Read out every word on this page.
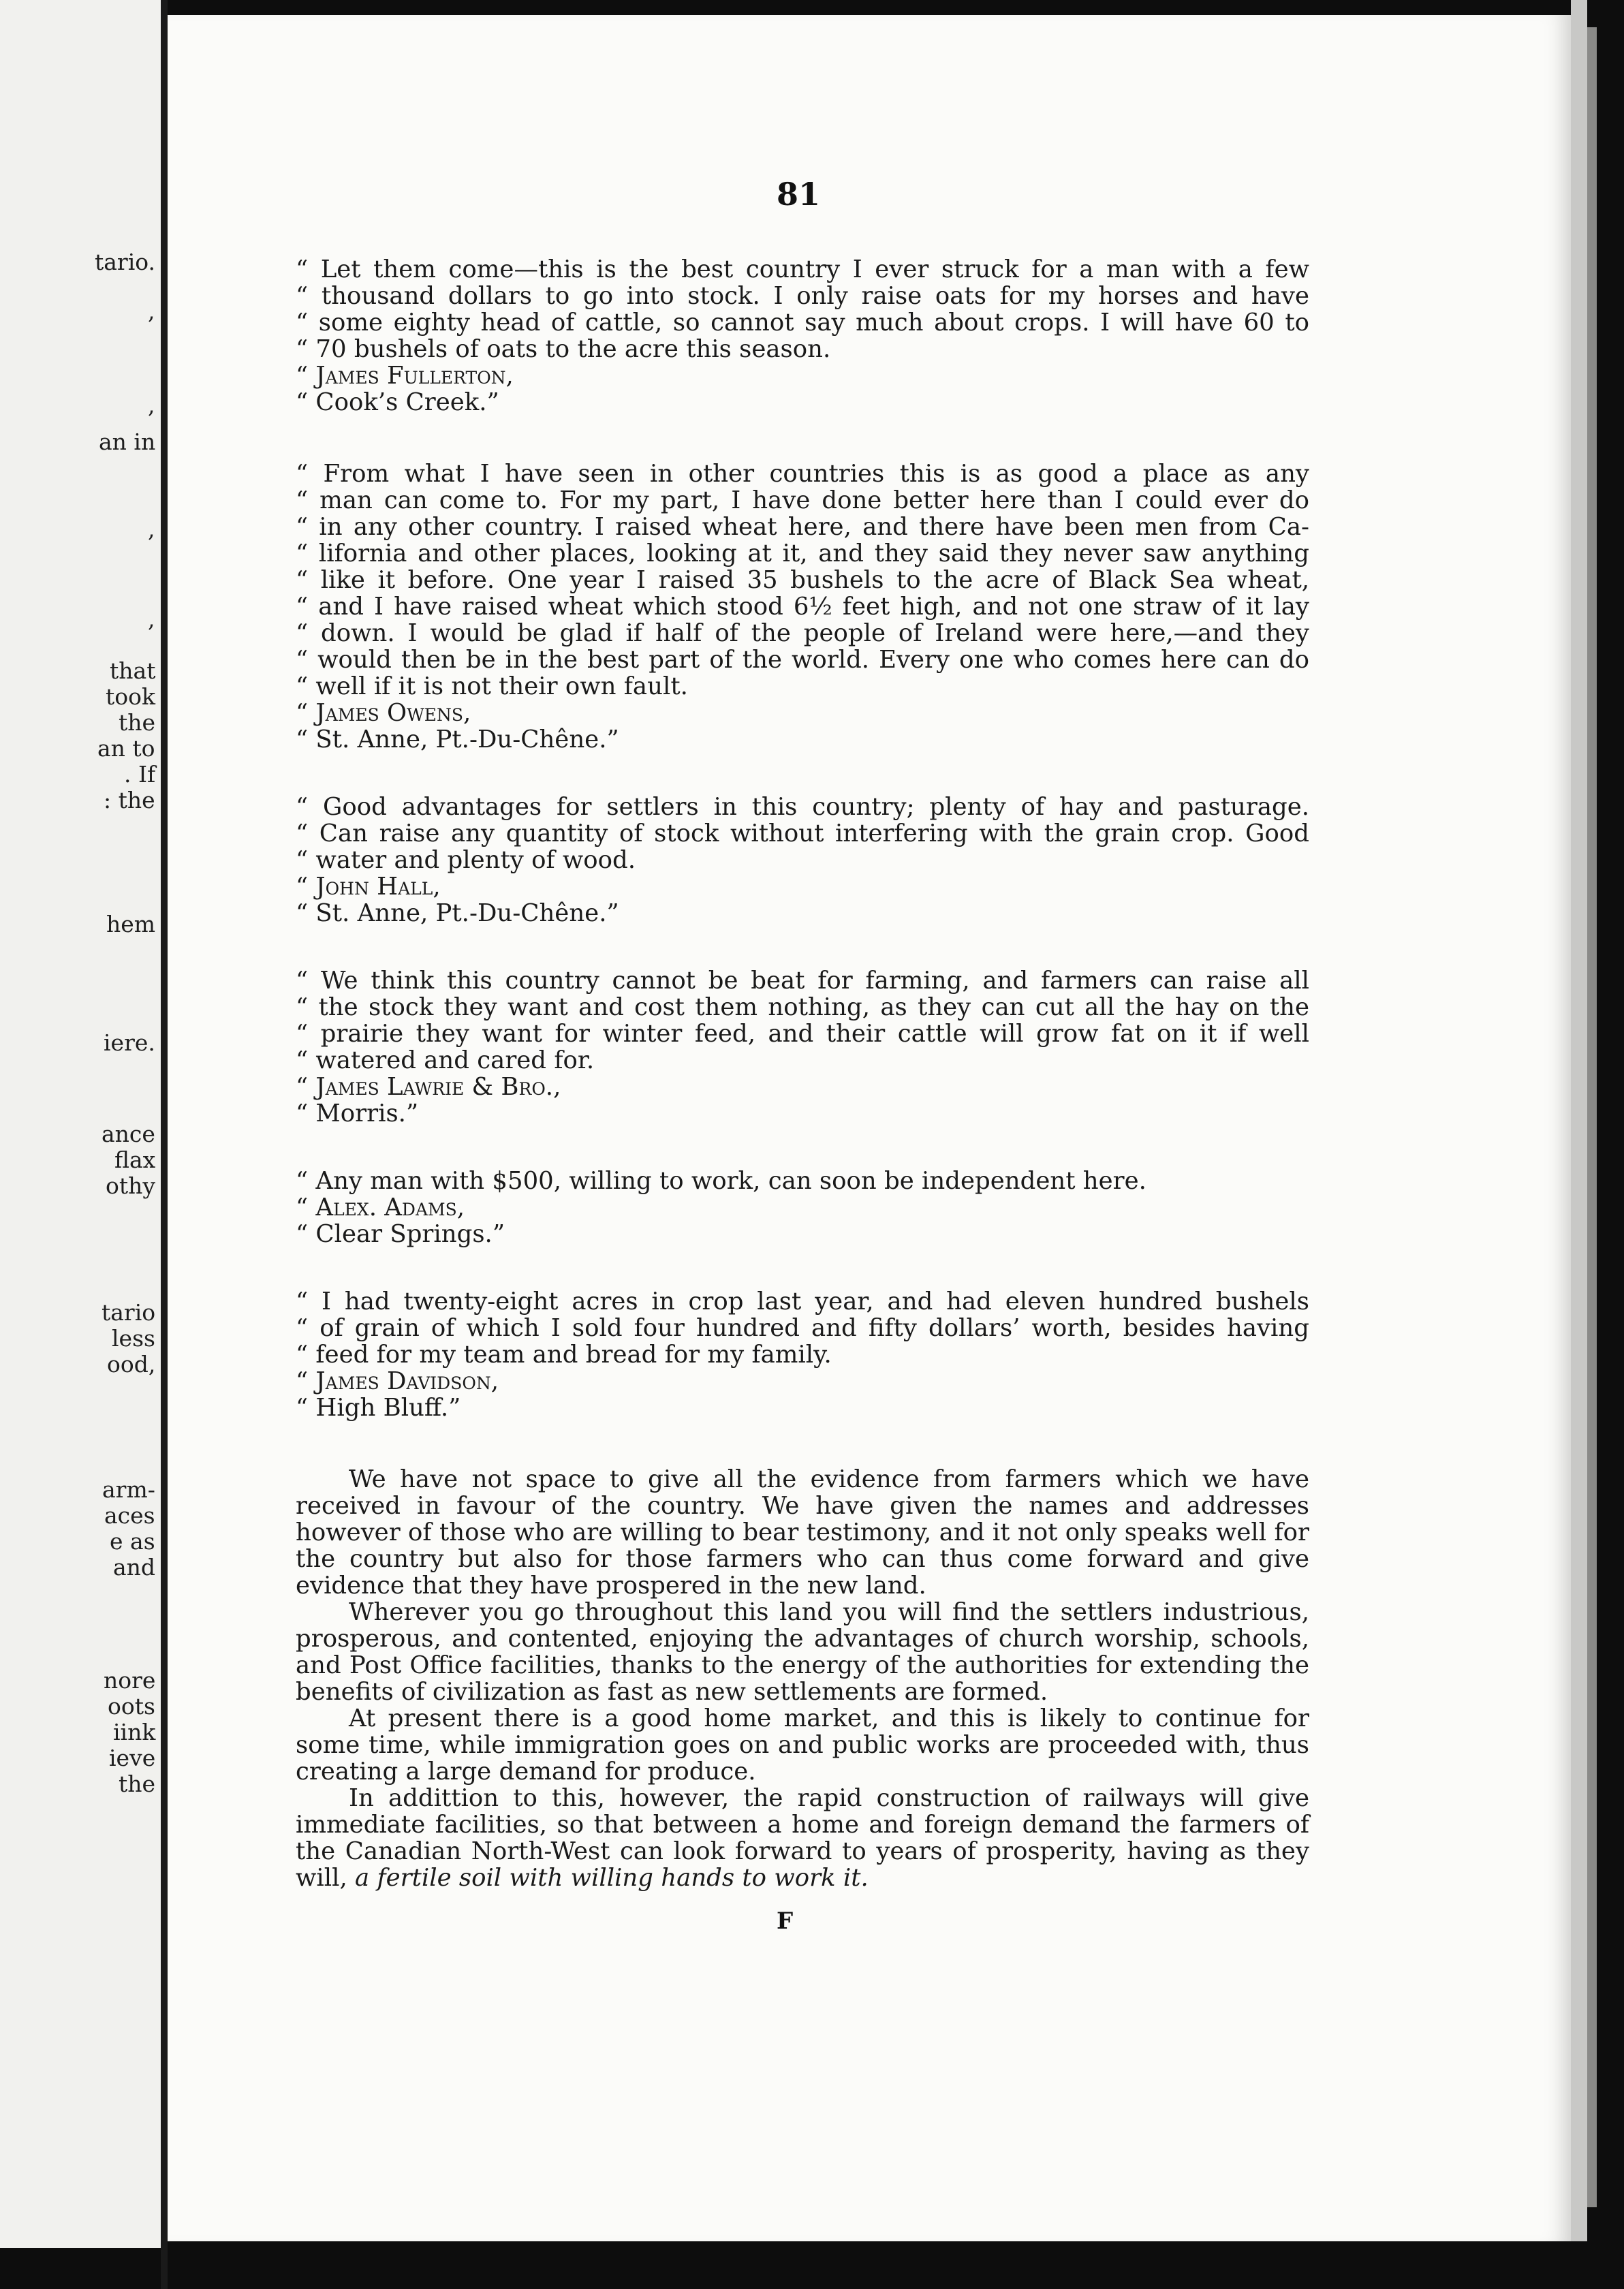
tario.
,
,
an in
,
,
that
took
the
an to
. If
: the
hem
iere.
ance
flax
othy
tario
less
ood,
arm-
aces
e as
and
nore
oots
iink
ieve
the
81
“ Let them come—this is the best country I ever struck for a man with a few
“ thousand dollars to go into stock. I only raise oats for my horses and have
“ some eighty head of cattle, so cannot say much about crops. I will have 60 to
“ 70 bushels of oats to the acre this season.

“ James Fullerton,

“ Cook’s Creek.”

“ From what I have seen in other countries this is as good a place as any
“ man can come to. For my part, I have done better here than I could ever do
“ in any other country. I raised wheat here, and there have been men from Ca-
“ lifornia and other places, looking at it, and they said they never saw anything
“ like it before. One year I raised 35 bushels to the acre of Black Sea wheat,
“ and I have raised wheat which stood 6½ feet high, and not one straw of it lay
“ down. I would be glad if half of the people of Ireland were here,—and they
“ would then be in the best part of the world. Every one who comes here can do
“ well if it is not their own fault.

“ James Owens,

“ St. Anne, Pt.-Du-Chêne.”

“ Good advantages for settlers in this country; plenty of hay and pasturage.
“ Can raise any quantity of stock without interfering with the grain crop. Good
“ water and plenty of wood.

“ John Hall,

“ St. Anne, Pt.-Du-Chêne.”

“ We think this country cannot be beat for farming, and farmers can raise all
“ the stock they want and cost them nothing, as they can cut all the hay on the
“ prairie they want for winter feed, and their cattle will grow fat on it if well
“ watered and cared for.

“ James Lawrie & Bro.,

“ Morris.”

“ Any man with $500, willing to work, can soon be independent here.

“ Alex. Adams,

“ Clear Springs.”

“ I had twenty-eight acres in crop last year, and had eleven hundred bushels
“ of grain of which I sold four hundred and fifty dollars’ worth, besides having
“ feed for my team and bread for my family.

“ James Davidson,

“ High Bluff.”

We have not space to give all the evidence from farmers which we have received in favour of the country. We have given the names and addresses however of those who are willing to bear testimony, and it not only speaks well for the country but also for those farmers who can thus come forward and give evidence that they have prospered in the new land.

Wherever you go throughout this land you will find the settlers industrious, prosperous, and contented, enjoying the advantages of church worship, schools, and Post Office facilities, thanks to the energy of the authorities for extending the benefits of civilization as fast as new settlements are formed.

At present there is a good home market, and this is likely to continue for some time, while immigration goes on and public works are proceeded with, thus creating a large demand for produce.

In addittion to this, however, the rapid construction of railways will give immediate facilities, so that between a home and foreign demand the farmers of the Canadian North-West can look forward to years of prosperity, having as they will, a fertile soil with willing hands to work it.

F
